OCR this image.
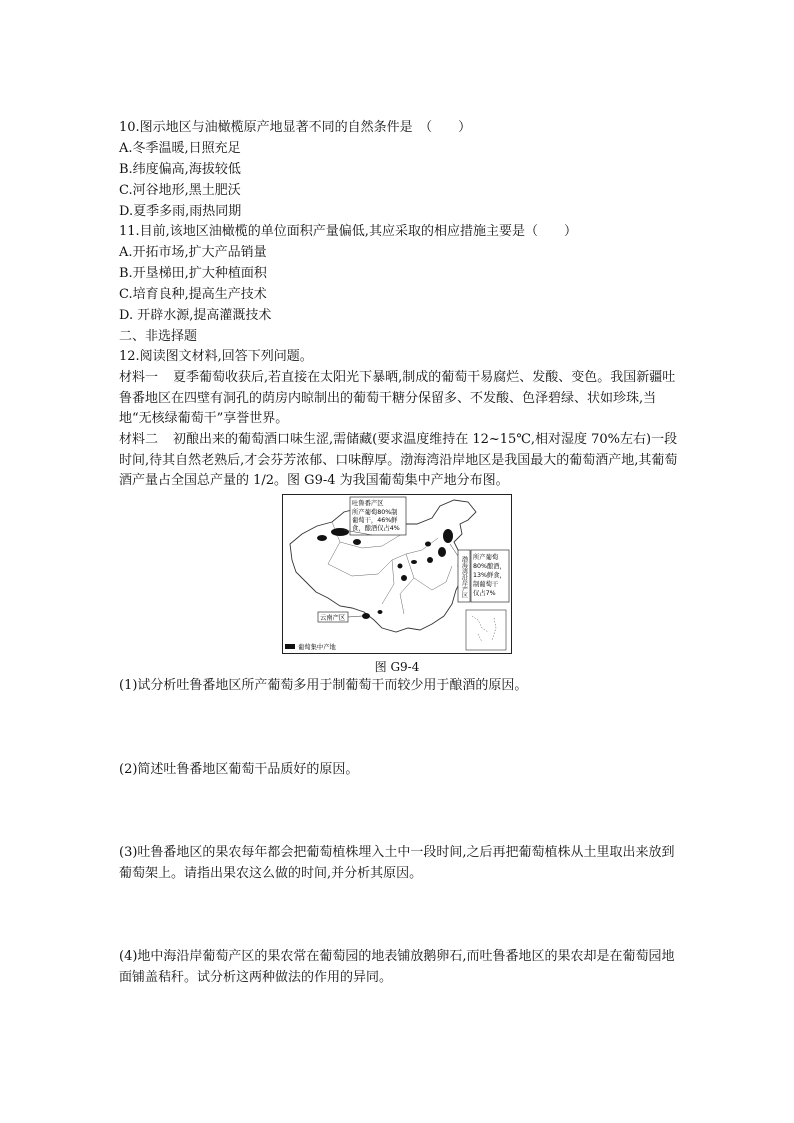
10.图示地区与油橄榄原产地显著不同的自然条件是　（　　）
A.冬季温暖,日照充足
B.纬度偏高,海拔较低
C.河谷地形,黑土肥沃
D.夏季多雨,雨热同期
11.目前,该地区油橄榄的单位面积产量偏低,其应采取的相应措施主要是（　　）
A.开拓市场,扩大产品销量
B.开垦梯田,扩大种植面积
C.培育良种,提高生产技术
D. 开辟水源,提高灌溉技术
二、非选择题
12.阅读图文材料,回答下列问题。
材料一 夏季葡萄收获后,若直接在太阳光下暴晒,制成的葡萄干易腐烂、发酸、变色。我国新疆吐鲁番地区在四壁有洞孔的荫房内晾制出的葡萄干糖分保留多、不发酸、色泽碧绿、状如珍珠,当地“无核绿葡萄干”享誉世界。
材料二 初酿出来的葡萄酒口味生涩,需储藏(要求温度维持在 12~15℃,相对湿度 70%左右)一段时间,待其自然老熟后,才会芬芳浓郁、口味醇厚。渤海湾沿岸地区是我国最大的葡萄酒产地,其葡萄酒产量占全国总产量的 1/2。图 G9-4 为我国葡萄集中产地分布图。
吐鲁番产区
所产葡萄80%制
葡萄干，46%鲜
食，酿酒仅占4%
渤海湾沿岸产区 所产葡萄
80%酿酒，
13%鲜食，
制葡萄干
仅占7%
云南产区
葡萄集中产地
图 G9-4
(1)试分析吐鲁番地区所产葡萄多用于制葡萄干而较少用于酿酒的原因。
(2)简述吐鲁番地区葡萄干品质好的原因。
(3)吐鲁番地区的果农每年都会把葡萄植株埋入土中一段时间,之后再把葡萄植株从土里取出来放到葡萄架上。请指出果农这么做的时间,并分析其原因。
(4)地中海沿岸葡萄产区的果农常在葡萄园的地表铺放鹅卵石,而吐鲁番地区的果农却是在葡萄园地面铺盖秸秆。试分析这两种做法的作用的异同。
